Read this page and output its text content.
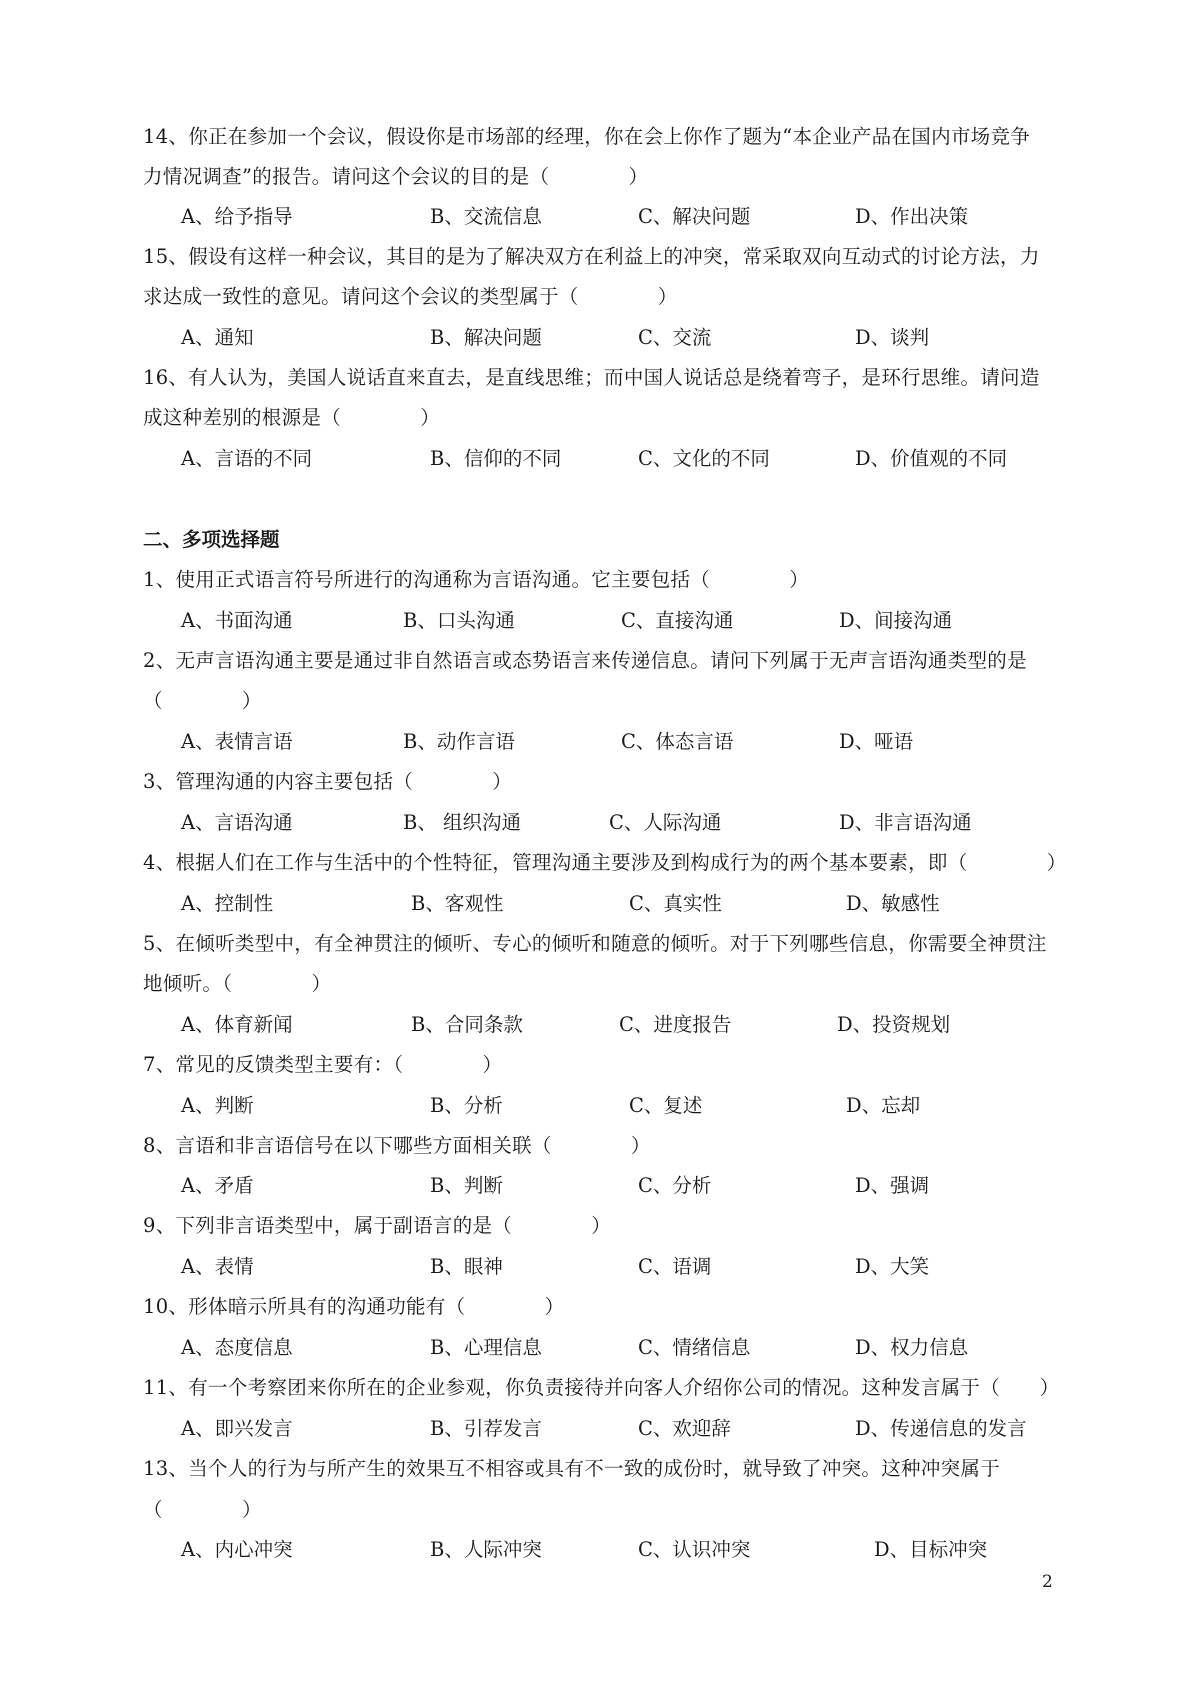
14、你正在参加一个会议，假设你是市场部的经理，你在会上你作了题为“本企业产品在国内市场竞争
力情况调查”的报告。请问这个会议的目的是（　　　　）
A、给予指导	B、交流信息	C、解决问题	D、作出决策
15、假设有这样一种会议，其目的是为了解决双方在利益上的冲突，常采取双向互动式的讨论方法，力
求达成一致性的意见。请问这个会议的类型属于（　　　　）
A、通知	B、解决问题	C、交流	D、谈判
16、有人认为，美国人说话直来直去，是直线思维；而中国人说话总是绕着弯子，是环行思维。请问造
成这种差别的根源是（　　　　）
A、言语的不同	B、信仰的不同	C、文化的不同	D、价值观的不同
二、多项选择题
1、使用正式语言符号所进行的沟通称为言语沟通。它主要包括（　　　　）
A、书面沟通	B、口头沟通	C、直接沟通	D、间接沟通
2、无声言语沟通主要是通过非自然语言或态势语言来传递信息。请问下列属于无声言语沟通类型的是
（　　　　）
A、表情言语	B、动作言语	C、体态言语	D、哑语
3、管理沟通的内容主要包括（　　　　）
A、言语沟通	B、 组织沟通	C、人际沟通	D、非言语沟通
4、根据人们在工作与生活中的个性特征，管理沟通主要涉及到构成行为的两个基本要素，即（　　　　）
A、控制性	B、客观性	C、真实性	D、敏感性
5、在倾听类型中，有全神贯注的倾听、专心的倾听和随意的倾听。对于下列哪些信息，你需要全神贯注
地倾听。（　　　　）
A、体育新闻	B、合同条款	C、进度报告	D、投资规划
7、常见的反馈类型主要有：（　　　　）
A、判断	B、分析	C、复述	D、忘却
8、言语和非言语信号在以下哪些方面相关联（　　　　）
A、矛盾	B、判断	C、分析	D、强调
9、下列非言语类型中，属于副语言的是（　　　　）
A、表情	B、眼神	C、语调	D、大笑
10、形体暗示所具有的沟通功能有（　　　　）
A、态度信息	B、心理信息	C、情绪信息	D、权力信息
11、有一个考察团来你所在的企业参观，你负责接待并向客人介绍你公司的情况。这种发言属于（　　）
A、即兴发言	B、引荐发言	C、欢迎辞	D、传递信息的发言
13、当个人的行为与所产生的效果互不相容或具有不一致的成份时，就导致了冲突。这种冲突属于
（　　　　）
A、内心冲突	B、人际冲突	C、认识冲突	D、目标冲突
2
